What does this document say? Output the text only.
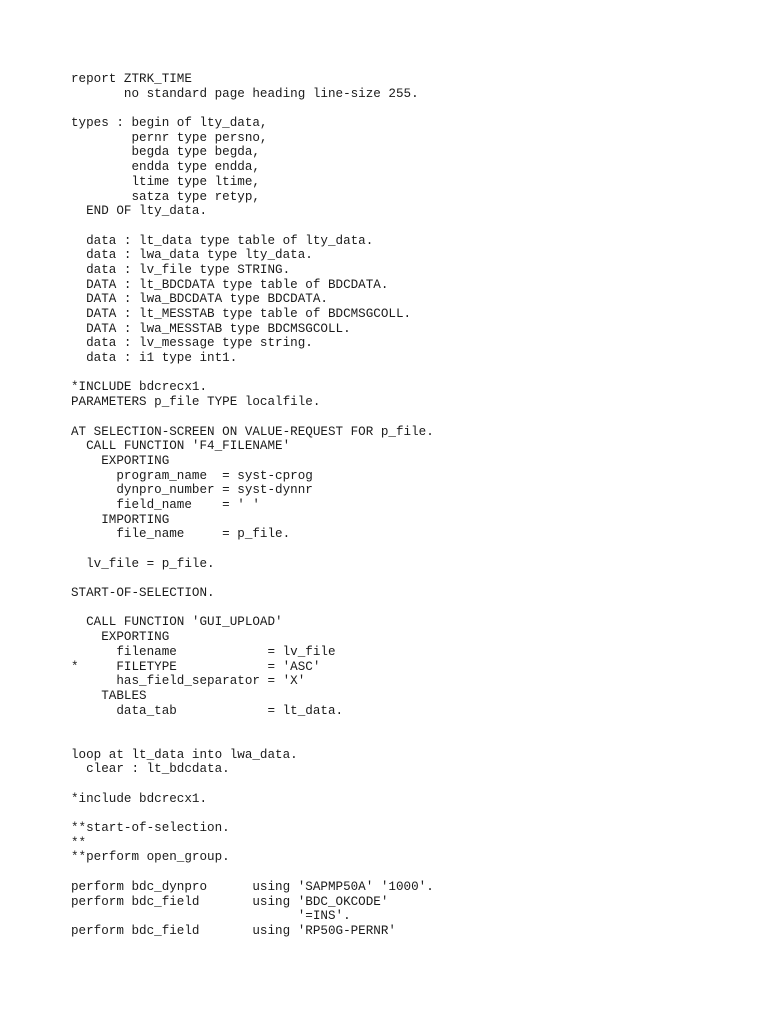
report ZTRK_TIME
no standard page heading line-size 255.
types : begin of lty_data,
pernr type persno,
begda type begda,
endda type endda,
ltime type ltime,
satza type retyp,
END OF lty_data.
data : lt_data type table of lty_data.
data : lwa_data type lty_data.
data : lv_file type STRING.
DATA : lt_BDCDATA type table of BDCDATA.
DATA : lwa_BDCDATA type BDCDATA.
DATA : lt_MESSTAB type table of BDCMSGCOLL.
DATA : lwa_MESSTAB type BDCMSGCOLL.
data : lv_message type string.
data : i1 type int1.
*INCLUDE bdcrecx1.
PARAMETERS p_file TYPE localfile.
AT SELECTION-SCREEN ON VALUE-REQUEST FOR p_file.
CALL FUNCTION 'F4_FILENAME'
EXPORTING
program_name  = syst-cprog
dynpro_number = syst-dynnr
field_name    = ' '
IMPORTING
file_name     = p_file.
lv_file = p_file.
START-OF-SELECTION.
CALL FUNCTION 'GUI_UPLOAD'
EXPORTING
filename            = lv_file
*     FILETYPE            = 'ASC'
has_field_separator = 'X'
TABLES
data_tab            = lt_data.
loop at lt_data into lwa_data.
clear : lt_bdcdata.
*include bdcrecx1.
**start-of-selection.
**
**perform open_group.
perform bdc_dynpro      using 'SAPMP50A' '1000'.
perform bdc_field       using 'BDC_OKCODE'
'=INS'.
perform bdc_field       using 'RP50G-PERNR'
